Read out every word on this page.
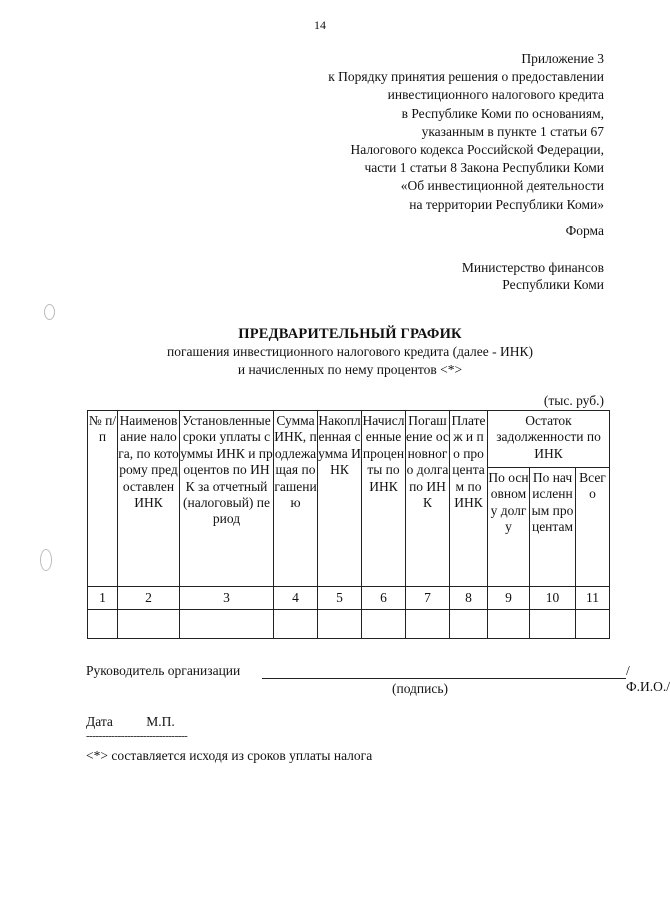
14
Приложение 3
к Порядку принятия решения о предоставлении
инвестиционного налогового кредита
в Республике Коми по основаниям,
указанным в пункте 1 статьи 67
Налогового кодекса Российской Федерации,
части 1 статьи 8 Закона Республики Коми
«Об инвестиционной деятельности
на территории Республики Коми»
Форма
Министерство финансов
Республики Коми
ПРЕДВАРИТЕЛЬНЫЙ ГРАФИК
погашения инвестиционного налогового кредита (далее - ИНК)
и начисленных по нему процентов <*>
(тыс. руб.)
№ п/п	Наименование налога, по которому предоставлен ИНК	Установленные сроки уплаты суммы ИНК и процентов по ИНК за отчетный (налоговый) период	Сумма ИНК, подлежащая погашению	Накопленная сумма ИНК	Начисленные проценты по ИНК	Погашение основного долга по ИНК	Платеж и по процентам по ИНК	Остаток задолженности по ИНК		
								По основному долгу	По начисленным процентам	Всего
1	2	3	4	5	6	7	8	9	10	11

Руководитель организации	/Ф.И.О./
(подпись)
Дата М.П.
--------------------------------
<*> составляется исходя из сроков уплаты налога
